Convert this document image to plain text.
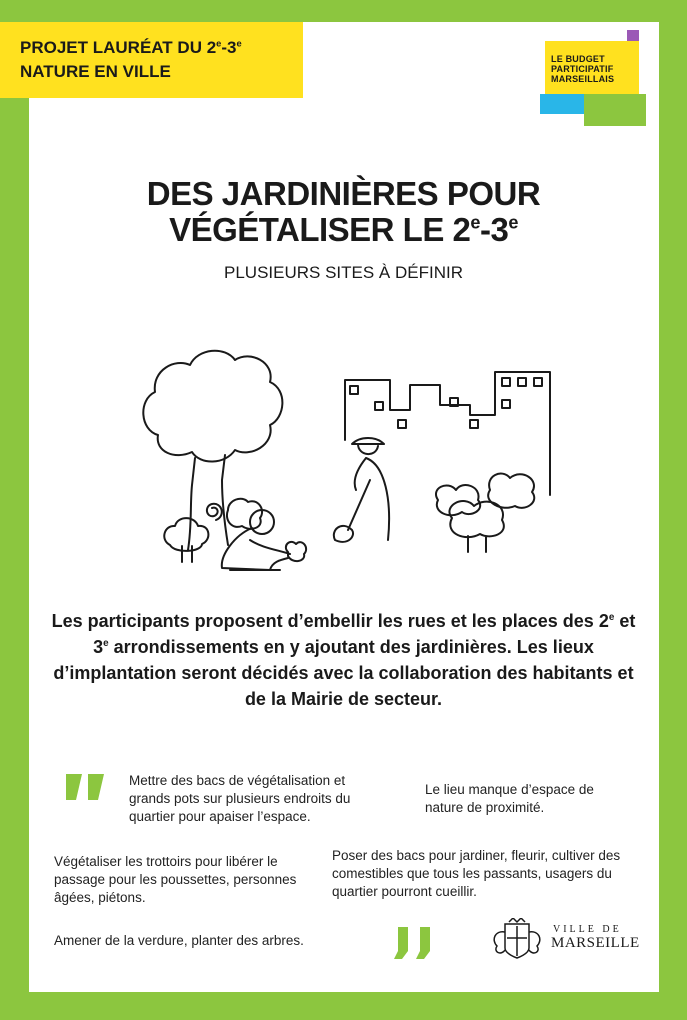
PROJET LAURÉAT DU 2e-3e
NATURE EN VILLE
LE BUDGET
PARTICIPATIF
MARSEILLAIS
DES JARDINIÈRES POUR
VÉGÉTALISER LE 2e-3e
PLUSIEURS SITES À DÉFINIR
Les participants proposent d’embellir les rues et les places des 2e et 3e arrondissements en y ajoutant des jardinières. Les lieux d’implantation seront décidés avec la collaboration des habitants et de la Mairie de secteur.
Mettre des bacs de végétalisation et grands pots sur plusieurs endroits du quartier pour apaiser l’espace.
Le lieu manque d’espace de nature de proximité.
Végétaliser les trottoirs pour libérer le passage pour les poussettes, personnes âgées, piétons.
Poser des bacs pour jardiner, fleurir, cultiver des comestibles que tous les passants, usagers du quartier pourront cueillir.
Amener de la verdure, planter des arbres.
VILLE DE
MARSEILLE
